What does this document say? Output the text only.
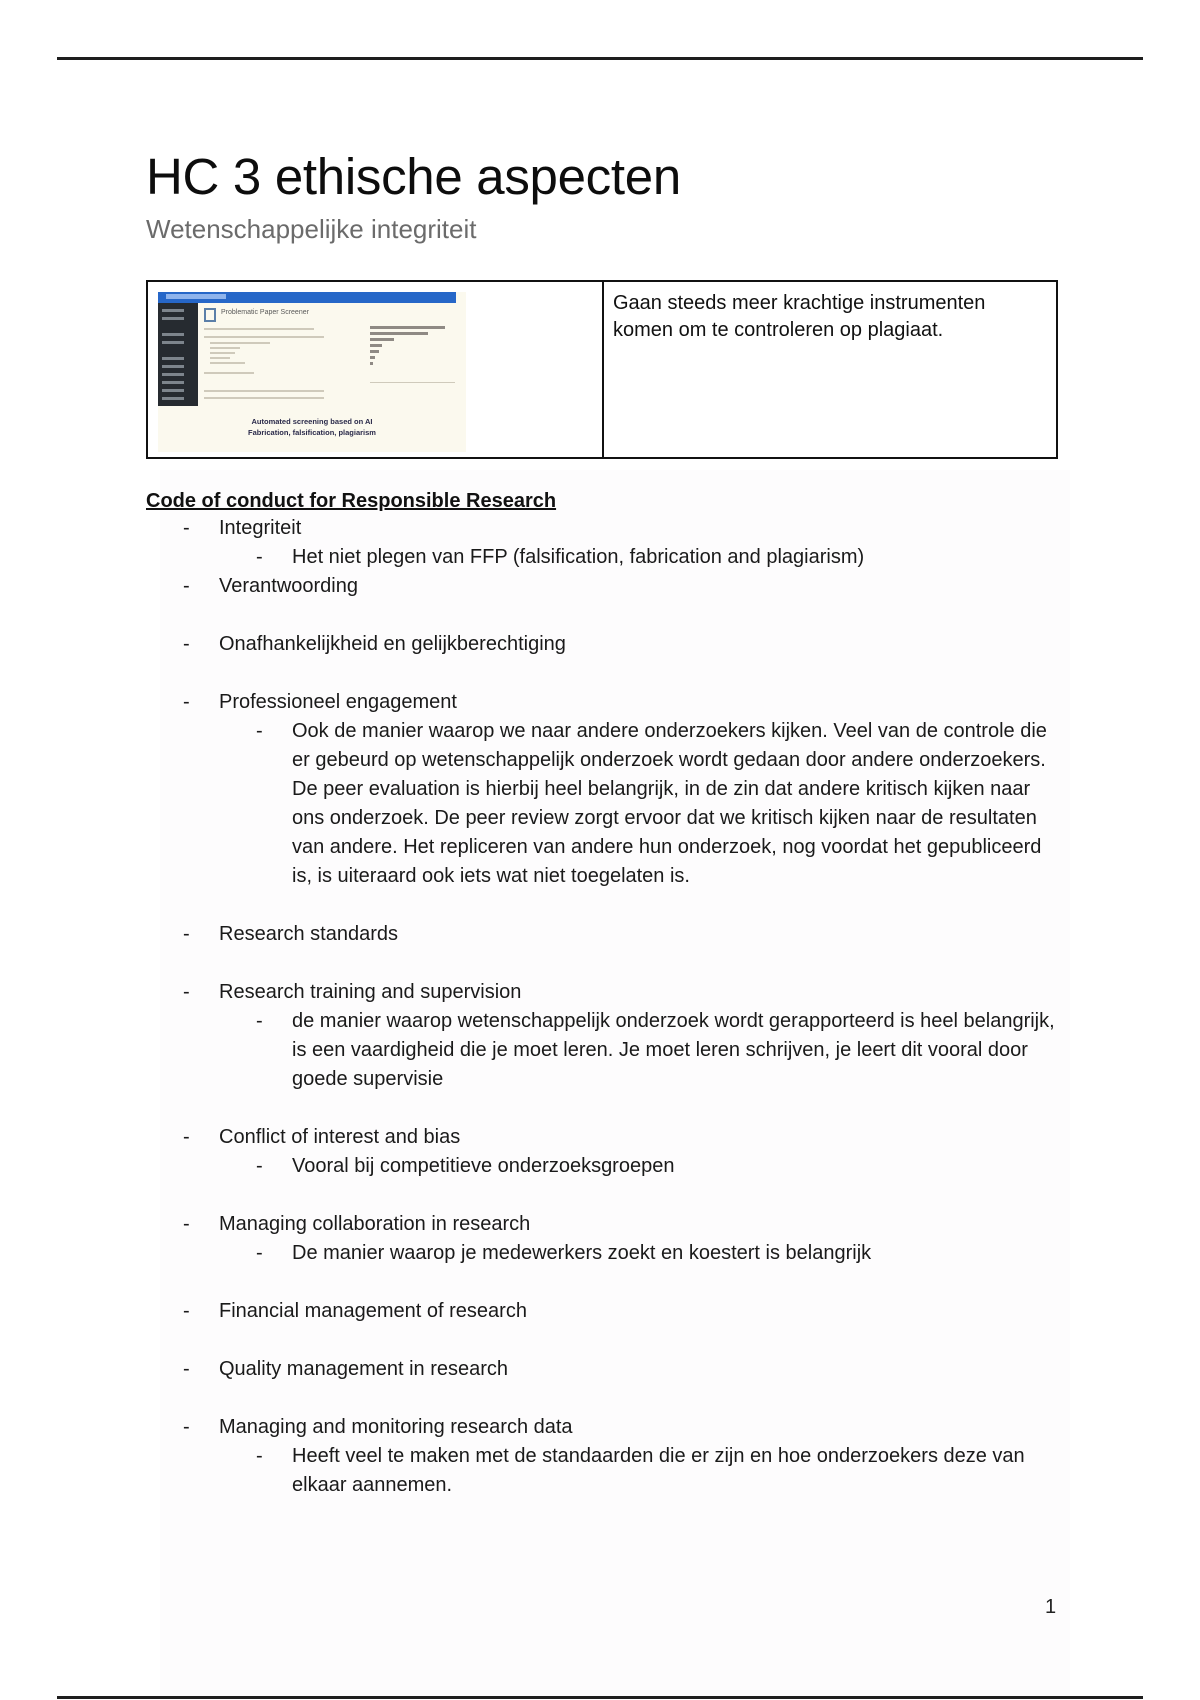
HC 3 ethische aspecten
Wetenschappelijke integriteit
Problematic Paper Screener
Automated screening based on AI
Fabrication, falsification, plagiarism
Gaan steeds meer krachtige instrumenten komen om te controleren op plagiaat.
Code of conduct for Responsible Research
- Integriteit
- Het niet plegen van FFP (falsification, fabrication and plagiarism)
- Verantwoording
- Onafhankelijkheid en gelijkberechtiging
- Professioneel engagement
- Ook de manier waarop we naar andere onderzoekers kijken. Veel van de controle die er gebeurd op wetenschappelijk onderzoek wordt gedaan door andere onderzoekers. De peer evaluation is hierbij heel belangrijk, in de zin dat andere kritisch kijken naar ons onderzoek. De peer review zorgt ervoor dat we kritisch kijken naar de resultaten van andere. Het repliceren van andere hun onderzoek, nog voordat het gepubliceerd is, is uiteraard ook iets wat niet toegelaten is.
- Research standards
- Research training and supervision
- de manier waarop wetenschappelijk onderzoek wordt gerapporteerd is heel belangrijk, is een vaardigheid die je moet leren. Je moet leren schrijven, je leert dit vooral door goede supervisie
- Conflict of interest and bias
- Vooral bij competitieve onderzoeksgroepen
- Managing collaboration in research
- De manier waarop je medewerkers zoekt en koestert is belangrijk
- Financial management of research
- Quality management in research
- Managing and monitoring research data
- Heeft veel te maken met de standaarden die er zijn en hoe onderzoekers deze van elkaar aannemen.
1
